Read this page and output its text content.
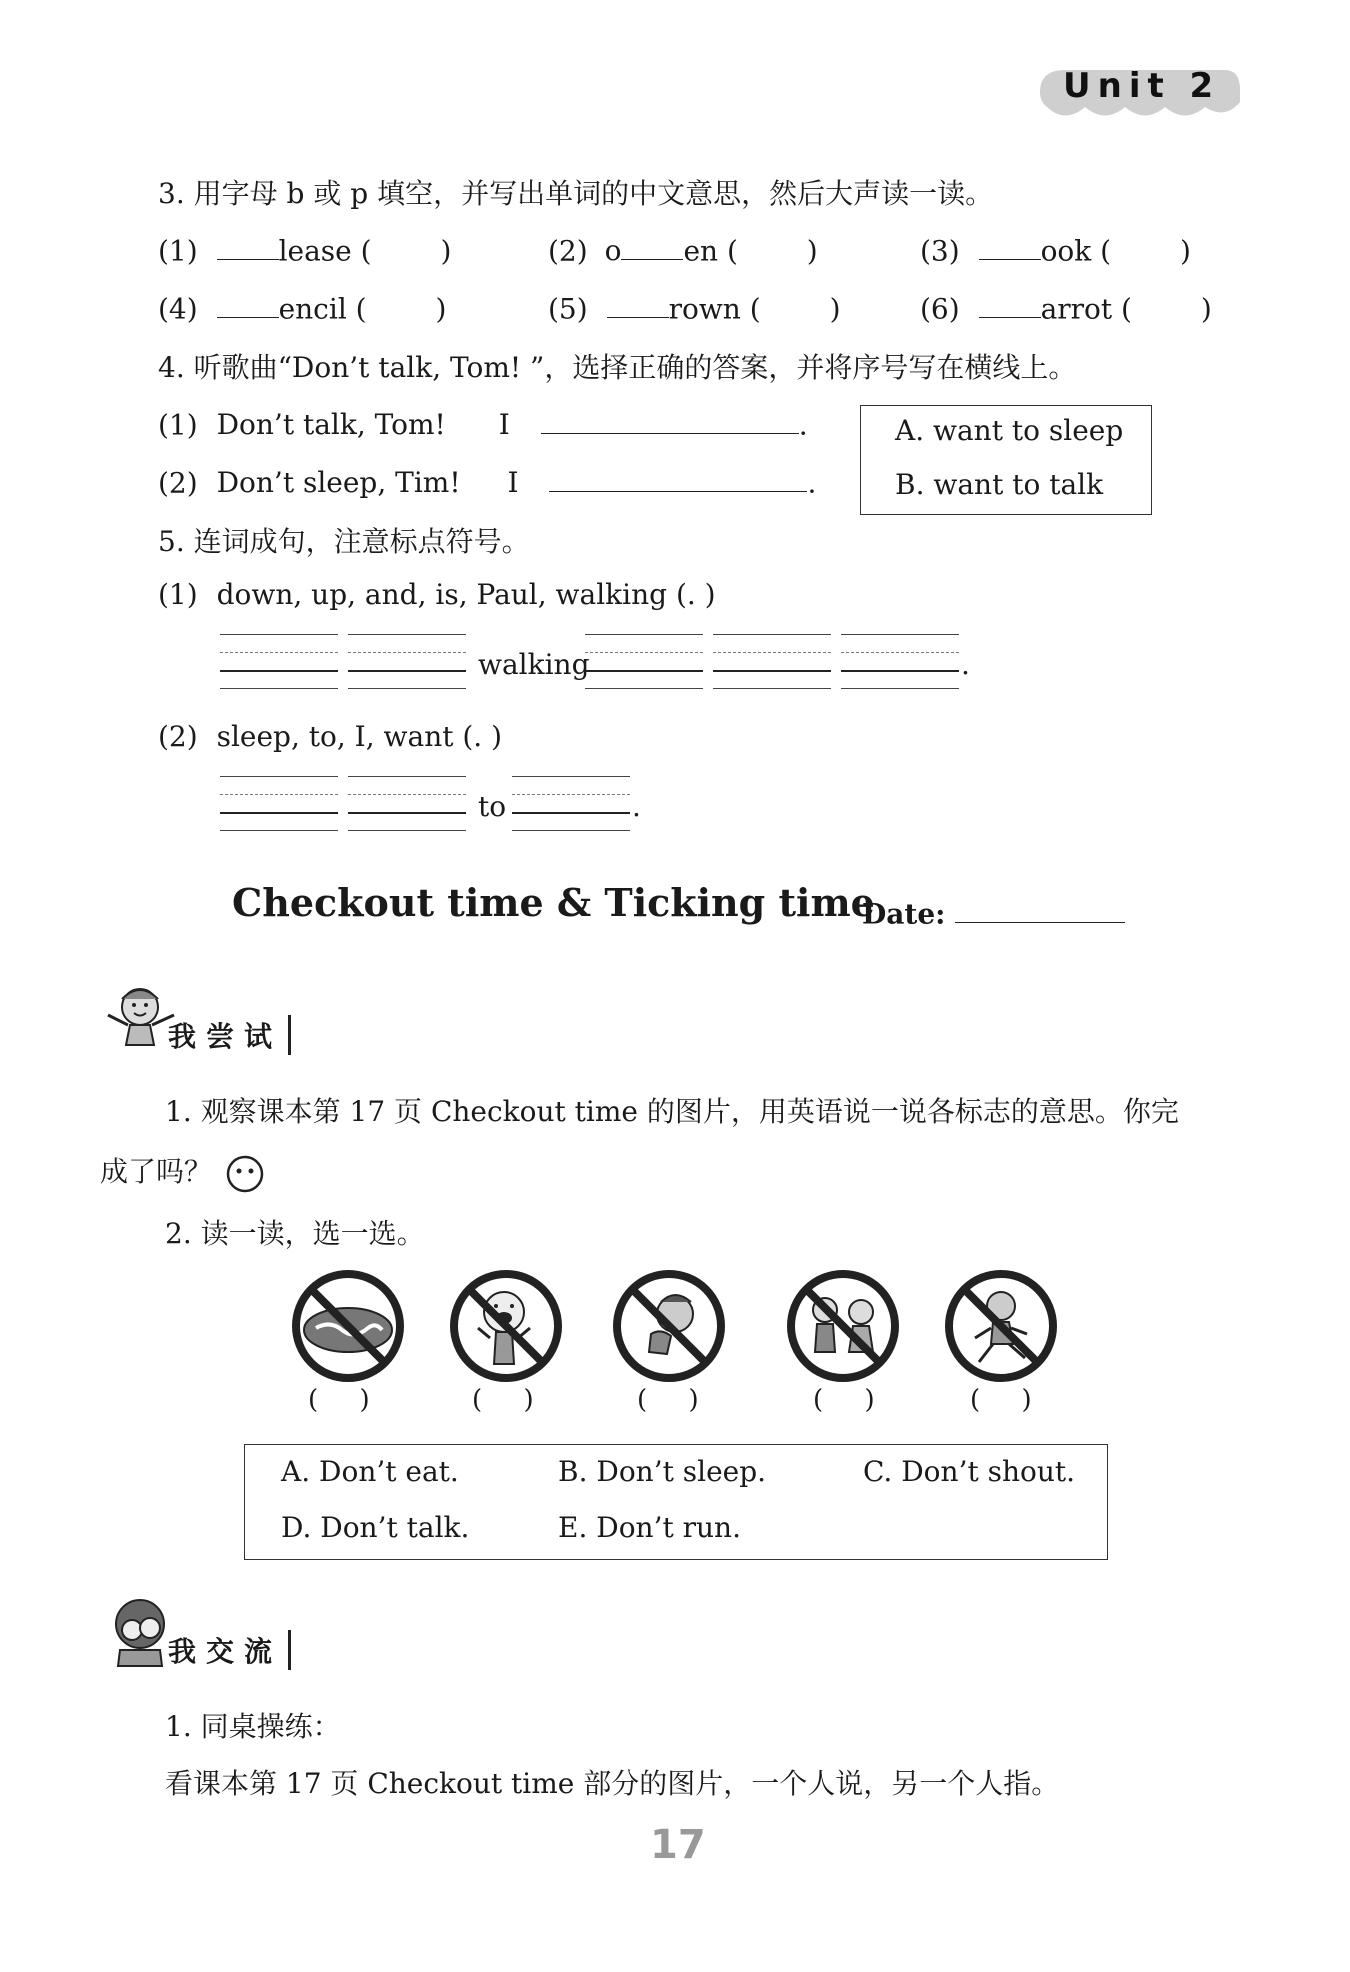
Unit 2
3. 用字母 b 或 p 填空，并写出单词的中文意思，然后大声读一读。
(1)	lease ( )	(2) o en ( )	(3)	ook ( )
(4)	encil ( )	(5)	rown ( )	(6)	arrot ( )
4. 听歌曲“Don’t talk, Tom! ”，选择正确的答案，并将序号写在横线上。
(1) Don’t talk, Tom! I	.
(2) Don’t sleep, Tim! I	.
A. want to sleep
B. want to talk
5. 连词成句，注意标点符号。
(1) down, up, and, is, Paul, walking (. )
walking	.
(2) sleep, to, I, want (. )
to	.
Checkout time & Ticking time
Date:
我尝试
1. 观察课本第 17 页 Checkout time 的图片，用英语说一说各标志的意思。你完
成了吗？
2. 读一读，选一选。
(     )	(     )	(     )	(     )	(     )
A. Don’t eat.	B. Don’t sleep.	C. Don’t shout.
D. Don’t talk.	E. Don’t run.
我交流
1. 同桌操练：
看课本第 17 页 Checkout time 部分的图片，一个人说，另一个人指。
17
